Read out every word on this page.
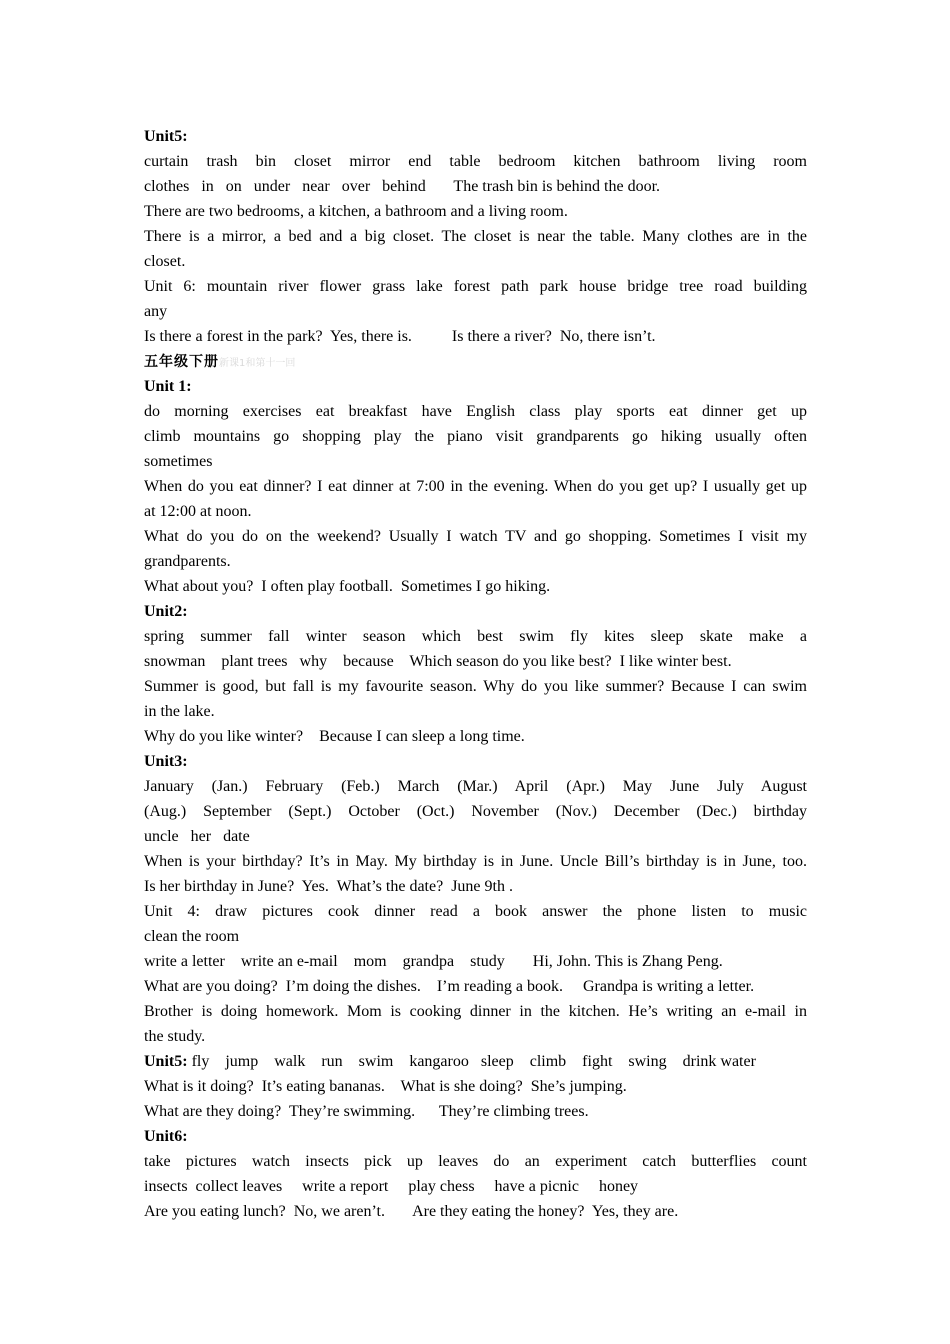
Unit5:
curtain trash bin closet mirror end table bedroom kitchen bathroom living room
clothes   in   on   under   near   over   behind       The trash bin is behind the door.
There are two bedrooms, a kitchen, a bathroom and a living room.
There is a mirror, a bed and a big closet. The closet is near the table. Many clothes are in the
closet.
Unit 6: mountain river flower grass lake forest path park house bridge tree road building
any
Is there a forest in the park?  Yes, there is.          Is there a river?  No, there isn’t.
五年级下册新课1和第十一回
Unit 1:
do morning exercises eat breakfast have English class play sports eat dinner get up
climb mountains go shopping play the piano visit grandparents go hiking usually often
sometimes
When do you eat dinner? I eat dinner at 7:00 in the evening. When do you get up? I usually get up
at 12:00 at noon.
What do you do on the weekend? Usually I watch TV and go shopping. Sometimes I visit my
grandparents.
What about you?  I often play football.  Sometimes I go hiking.
Unit2:
spring summer fall winter season which best swim fly kites sleep skate make a
snowman    plant trees   why    because    Which season do you like best?  I like winter best.
Summer is good, but fall is my favourite season. Why do you like summer? Because I can swim
in the lake.
Why do you like winter?    Because I can sleep a long time.
Unit3:
January (Jan.) February (Feb.) March (Mar.) April (Apr.) May June July August
(Aug.) September (Sept.) October (Oct.) November (Nov.) December (Dec.) birthday
uncle   her   date
When is your birthday? It’s in May. My birthday is in June. Uncle Bill’s birthday is in June, too.
Is her birthday in June?  Yes.  What’s the date?  June 9th .
Unit 4: draw pictures cook dinner read a book answer the phone listen to music
clean the room
write a letter    write an e-mail    mom    grandpa    study       Hi, John. This is Zhang Peng.
What are you doing?  I’m doing the dishes.    I’m reading a book.     Grandpa is writing a letter.
Brother is doing homework. Mom is cooking dinner in the kitchen. He’s writing an e-mail in
the study.
Unit5: fly    jump    walk    run    swim    kangaroo   sleep    climb    fight    swing    drink water
What is it doing?  It’s eating bananas.    What is she doing?  She’s jumping.
What are they doing?  They’re swimming.      They’re climbing trees.
Unit6:
take pictures watch insects pick up leaves do an experiment catch butterflies count
insects  collect leaves     write a report     play chess     have a picnic     honey
Are you eating lunch?  No, we aren’t.       Are they eating the honey?  Yes, they are.
